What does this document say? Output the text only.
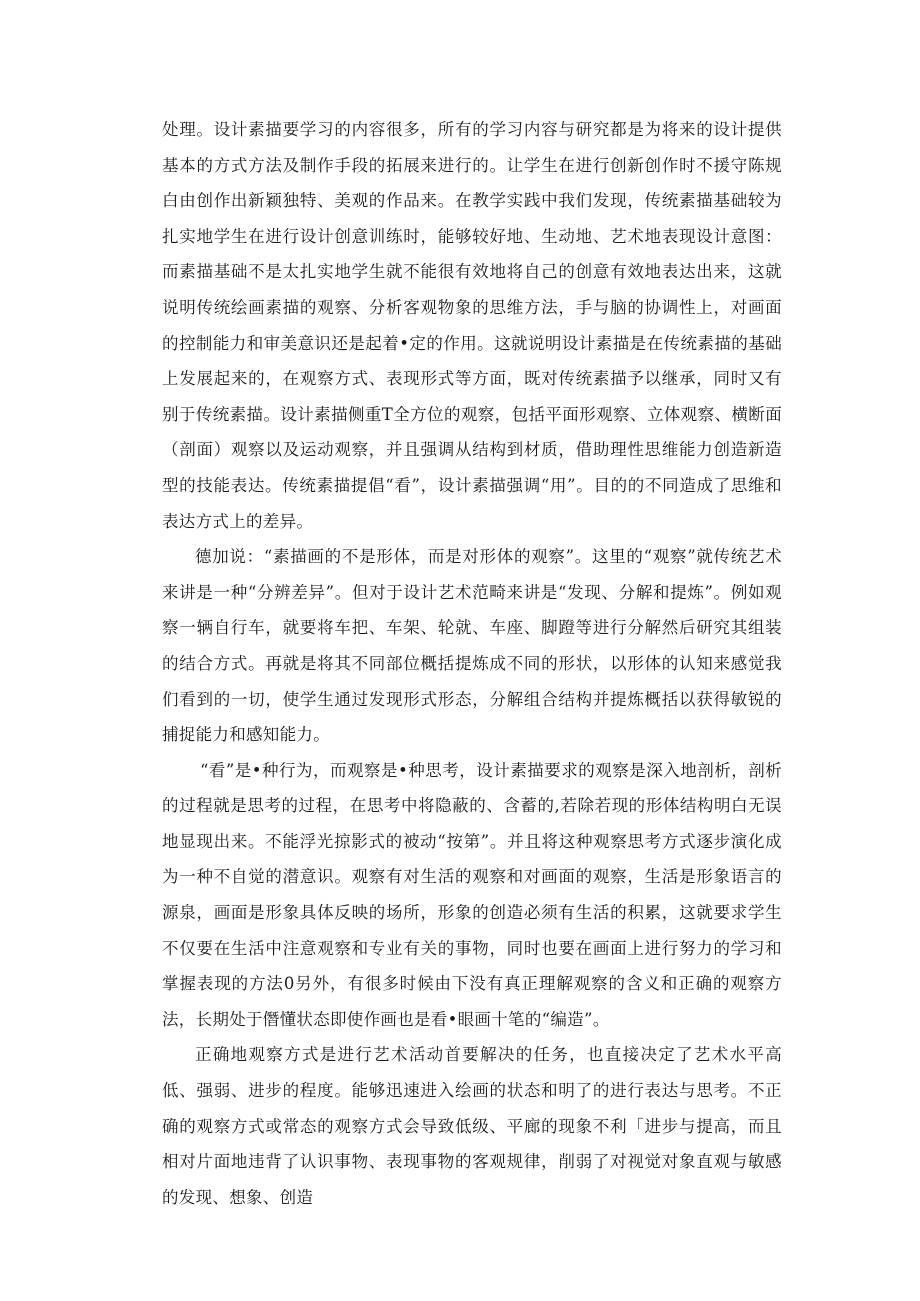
处理。设计素描要学习的内容很多，所有的学习内容与研究都是为将来的设计提供基本的方式方法及制作手段的拓展来进行的。让学生在进行创新创作时不援守陈规白由创作出新颖独特、美观的作品来。在教学实践中我们发现，传统素描基础较为扎实地学生在进行设计创意训练时，能够较好地、生动地、艺术地表现设计意图：而素描基础不是太扎实地学生就不能很有效地将自己的创意有效地表达出来，这就说明传统绘画素描的观察、分析客观物象的思维方法，手与脑的协调性上，对画面的控制能力和审美意识还是起着•定的作用。这就说明设计素描是在传统素描的基础上发展起来的，在观察方式、表现形式等方面，既对传统素描予以继承，同时又有别于传统素描。设计素描侧重T全方位的观察，包括平面形观察、立体观察、横断面（剖面）观察以及运动观察，并且强调从结构到材质，借助理性思维能力创造新造型的技能表达。传统素描提倡“看”，设计素描强调“用”。目的的不同造成了思维和表达方式上的差异。

德加说：“素描画的不是形体，而是对形体的观察”。这里的“观察”就传统艺术来讲是一种“分辨差异”。但对于设计艺术范畸来讲是“发现、分解和提炼”。例如观察一辆自行车，就要将车把、车架、轮就、车座、脚蹬等进行分解然后研究其组装的结合方式。再就是将其不同部位概括提炼成不同的形状，以形体的认知来感觉我们看到的一切，使学生通过发现形式形态，分解组合结构并提炼概括以获得敏锐的捕捉能力和感知能力。

“看”是•种行为，而观察是•种思考，设计素描要求的观察是深入地剖析，剖析的过程就是思考的过程，在思考中将隐蔽的、含蓄的,若除若现的形体结构明白无误地显现出来。不能浮光掠影式的被动“按第”。并且将这种观察思考方式逐步演化成为一种不自觉的潜意识。观察有对生活的观察和对画面的观察，生活是形象语言的源泉，画面是形象具体反映的场所，形象的创造必须有生活的积累，这就要求学生不仅要在生活中注意观察和专业有关的事物，同时也要在画面上进行努力的学习和掌握表现的方法0另外，有很多时候由下没有真正理解观察的含义和正确的观察方法，长期处于僭懂状态即使作画也是看•眼画十笔的“编造”。

正确地观察方式是进行艺术活动首要解决的任务，也直接决定了艺术水平高低、强弱、进步的程度。能够迅速进入绘画的状态和明了的进行表达与思考。不正确的观察方式或常态的观察方式会导致低级、平廊的现象不利「进步与提高，而且相对片面地违背了认识事物、表现事物的客观规律，削弱了对视觉对象直观与敏感的发现、想象、创造
